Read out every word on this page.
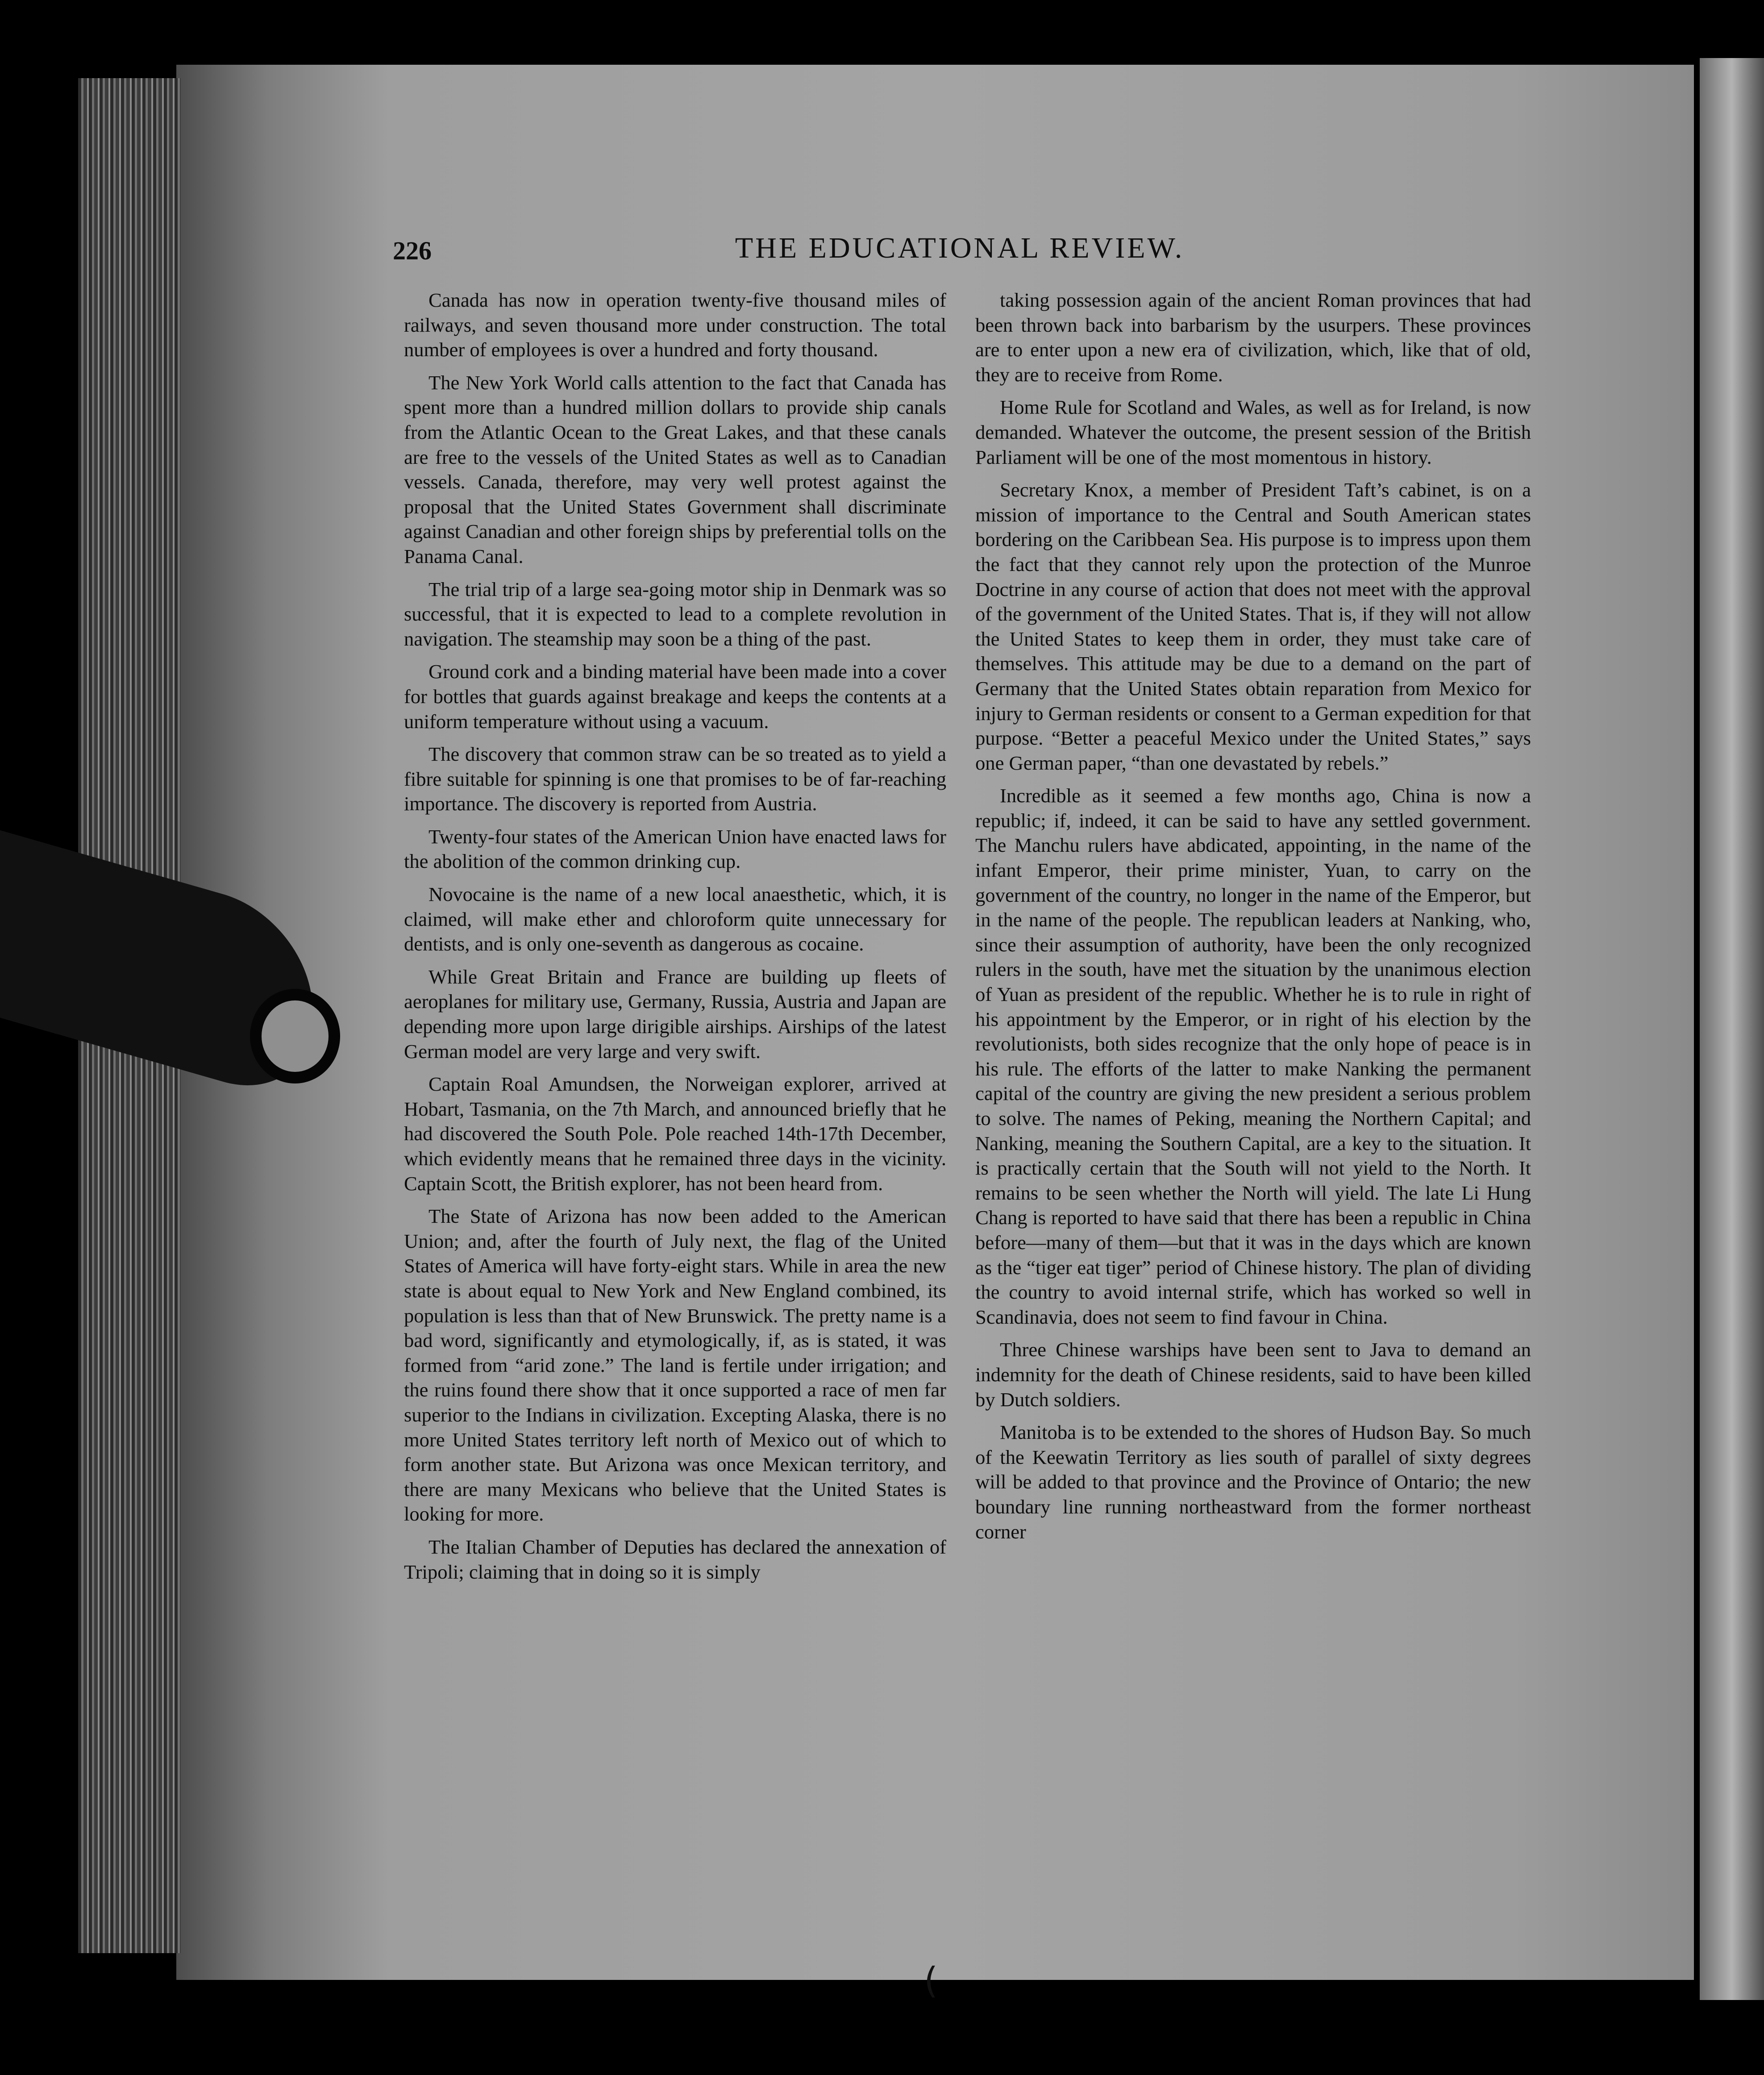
226	THE EDUCATIONAL REVIEW.

Canada has now in operation twenty-five thousand miles of railways, and seven thousand more under construction. The total number of employees is over a hundred and forty thousand.

The New York World calls attention to the fact that Canada has spent more than a hundred million dollars to provide ship canals from the Atlantic Ocean to the Great Lakes, and that these canals are free to the vessels of the United States as well as to Canadian vessels. Canada, therefore, may very well protest against the proposal that the United States Government shall discriminate against Canadian and other foreign ships by preferential tolls on the Panama Canal.

The trial trip of a large sea-going motor ship in Denmark was so successful, that it is expected to lead to a complete revolution in navigation. The steamship may soon be a thing of the past.

Ground cork and a binding material have been made into a cover for bottles that guards against breakage and keeps the contents at a uniform temperature without using a vacuum.

The discovery that common straw can be so treated as to yield a fibre suitable for spinning is one that promises to be of far-reaching importance. The discovery is reported from Austria.

Twenty-four states of the American Union have enacted laws for the abolition of the common drinking cup.

Novocaine is the name of a new local anaesthetic, which, it is claimed, will make ether and chloroform quite unnecessary for dentists, and is only one-seventh as dangerous as cocaine.

While Great Britain and France are building up fleets of aeroplanes for military use, Germany, Russia, Austria and Japan are depending more upon large dirigible airships. Airships of the latest German model are very large and very swift.

Captain Roal Amundsen, the Norweigan explorer, arrived at Hobart, Tasmania, on the 7th March, and announced briefly that he had discovered the South Pole. Pole reached 14th-17th December, which evidently means that he remained three days in the vicinity. Captain Scott, the British explorer, has not been heard from.

The State of Arizona has now been added to the American Union; and, after the fourth of July next, the flag of the United States of America will have forty-eight stars. While in area the new state is about equal to New York and New England combined, its population is less than that of New Brunswick. The pretty name is a bad word, significantly and etymologically, if, as is stated, it was formed from “arid zone.” The land is fertile under irrigation; and the ruins found there show that it once supported a race of men far superior to the Indians in civilization. Excepting Alaska, there is no more United States territory left north of Mexico out of which to form another state. But Arizona was once Mexican territory, and there are many Mexicans who believe that the United States is looking for more.

The Italian Chamber of Deputies has declared the annexation of Tripoli; claiming that in doing so it is simply

taking possession again of the ancient Roman provinces that had been thrown back into barbarism by the usurpers. These provinces are to enter upon a new era of civilization, which, like that of old, they are to receive from Rome.

Home Rule for Scotland and Wales, as well as for Ireland, is now demanded. Whatever the outcome, the present session of the British Parliament will be one of the most momentous in history.

Secretary Knox, a member of President Taft’s cabinet, is on a mission of importance to the Central and South American states bordering on the Caribbean Sea. His purpose is to impress upon them the fact that they cannot rely upon the protection of the Munroe Doctrine in any course of action that does not meet with the approval of the government of the United States. That is, if they will not allow the United States to keep them in order, they must take care of themselves. This attitude may be due to a demand on the part of Germany that the United States obtain reparation from Mexico for injury to German residents or consent to a German expedition for that purpose. “Better a peaceful Mexico under the United States,” says one German paper, “than one devastated by rebels.”

Incredible as it seemed a few months ago, China is now a republic; if, indeed, it can be said to have any settled government. The Manchu rulers have abdicated, appointing, in the name of the infant Emperor, their prime minister, Yuan, to carry on the government of the country, no longer in the name of the Emperor, but in the name of the people. The republican leaders at Nanking, who, since their assumption of authority, have been the only recognized rulers in the south, have met the situation by the unanimous election of Yuan as president of the republic. Whether he is to rule in right of his appointment by the Emperor, or in right of his election by the revolutionists, both sides recognize that the only hope of peace is in his rule. The efforts of the latter to make Nanking the permanent capital of the country are giving the new president a serious problem to solve. The names of Peking, meaning the Northern Capital; and Nanking, meaning the Southern Capital, are a key to the situation. It is practically certain that the South will not yield to the North. It remains to be seen whether the North will yield. The late Li Hung Chang is reported to have said that there has been a republic in China before—many of them—but that it was in the days which are known as the “tiger eat tiger” period of Chinese history. The plan of dividing the country to avoid internal strife, which has worked so well in Scandinavia, does not seem to find favour in China.

Three Chinese warships have been sent to Java to demand an indemnity for the death of Chinese residents, said to have been killed by Dutch soldiers.

Manitoba is to be extended to the shores of Hudson Bay. So much of the Keewatin Territory as lies south of parallel of sixty degrees will be added to that province and the Province of Ontario; the new boundary line running northeastward from the former northeast corner

(
